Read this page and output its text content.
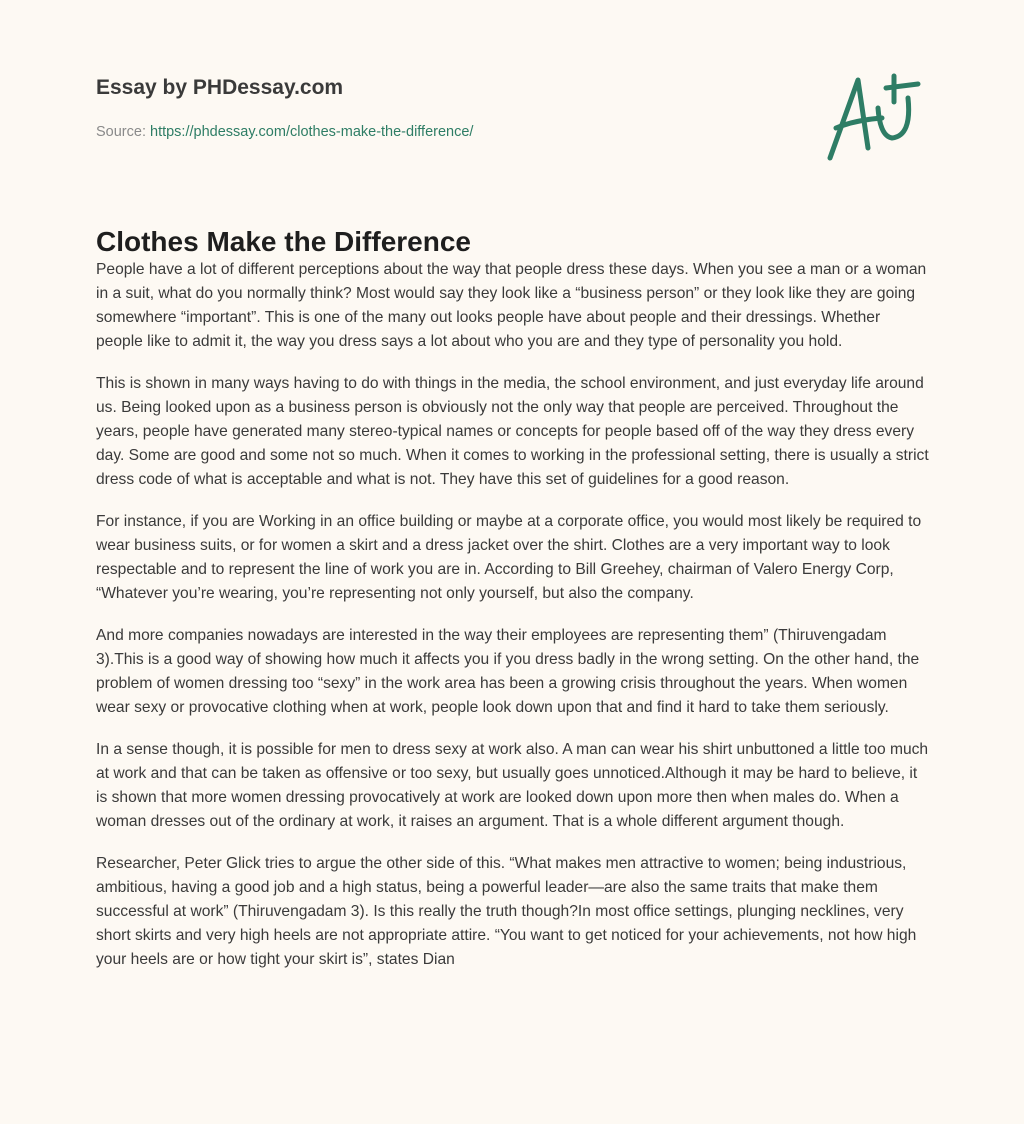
Essay by PHDessay.com
Source: https://phdessay.com/clothes-make-the-difference/
Clothes Make the Difference

People have a lot of different perceptions about the way that people dress these days. When you see a man or a woman in a suit, what do you normally think? Most would say they look like a “business person” or they look like they are going somewhere “important”. This is one of the many out looks people have about people and their dressings. Whether people like to admit it, the way you dress says a lot about who you are and they type of personality you hold.

This is shown in many ways having to do with things in the media, the school environment, and just everyday life around us. Being looked upon as a business person is obviously not the only way that people are perceived. Throughout the years, people have generated many stereo-typical names or concepts for people based off of the way they dress every day. Some are good and some not so much. When it comes to working in the professional setting, there is usually a strict dress code of what is acceptable and what is not. They have this set of guidelines for a good reason.

For instance, if you are Working in an office building or maybe at a corporate office, you would most likely be required to wear business suits, or for women a skirt and a dress jacket over the shirt. Clothes are a very important way to look respectable and to represent the line of work you are in. According to Bill Greehey, chairman of Valero Energy Corp, “Whatever you’re wearing, you’re representing not only yourself, but also the company.

And more companies nowadays are interested in the way their employees are representing them” (Thiruvengadam 3).This is a good way of showing how much it affects you if you dress badly in the wrong setting. On the other hand, the problem of women dressing too “sexy” in the work area has been a growing crisis throughout the years. When women wear sexy or provocative clothing when at work, people look down upon that and find it hard to take them seriously.

In a sense though, it is possible for men to dress sexy at work also. A man can wear his shirt unbuttoned a little too much at work and that can be taken as offensive or too sexy, but usually goes unnoticed.Although it may be hard to believe, it is shown that more women dressing provocatively at work are looked down upon more then when males do. When a woman dresses out of the ordinary at work, it raises an argument. That is a whole different argument though.

Researcher, Peter Glick tries to argue the other side of this. “What makes men attractive to women; being industrious, ambitious, having a good job and a high status, being a powerful leader—are also the same traits that make them successful at work” (Thiruvengadam 3). Is this really the truth though?In most office settings, plunging necklines, very short skirts and very high heels are not appropriate attire. “You want to get noticed for your achievements, not how high your heels are or how tight your skirt is”, states Dian
